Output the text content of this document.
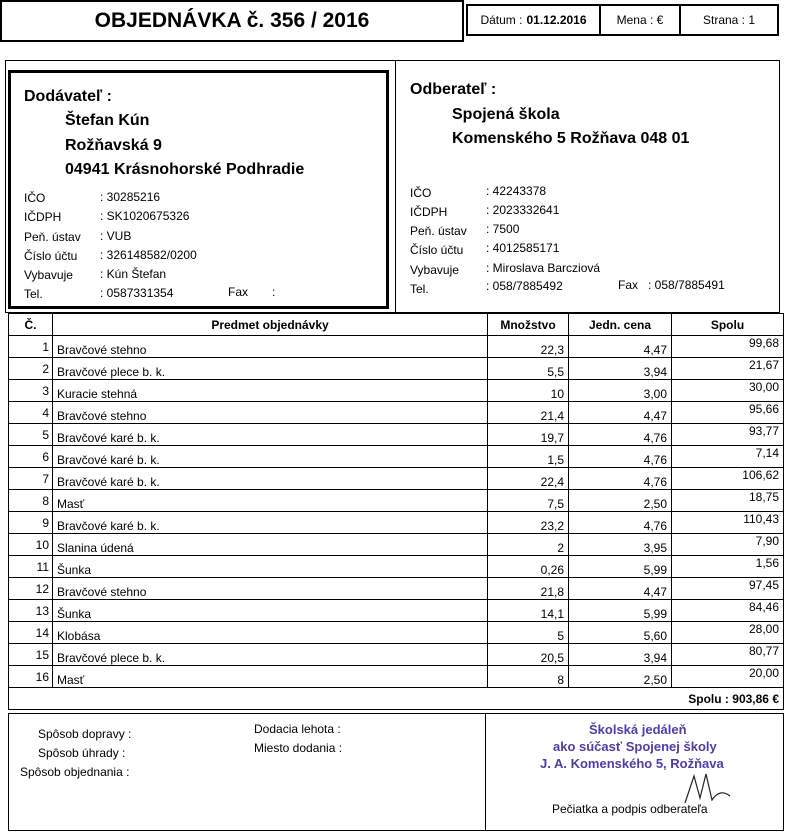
OBJEDNÁVKA č. 356 / 2016	Dátum : 01.12.2016	Mena : €	Strana : 1
Dodávateľ :
Štefan Kún
Rožňavská 9
04941 Krásnohorské Podhradie
IČO	: 30285216
IČDPH	: SK1020675326
Peň. ústav : VUB
Číslo účtu : 326148582/0200
Vybavuje : Kún Štefan
Tel.	: 0587331354	Fax :
Odberateľ :
Spojená škola
Komenského 5 Rožňava 048 01
IČO	: 42243378
IČDPH	: 2023332641
Peň. ústav : 7500
Číslo účtu : 4012585171
Vybavuje : Miroslava Barcziová
Tel.	: 058/7885492	Fax : 058/7885491
Č.	Predmet objednávky	Množstvo	Jedn. cena	Spolu
1	Bravčové stehno	22,3	4,47	99,68
2	Bravčové plece b. k.	5,5	3,94	21,67
3	Kuracie stehná	10	3,00	30,00
4	Bravčové stehno	21,4	4,47	95,66
5	Bravčové karé b. k.	19,7	4,76	93,77
6	Bravčové karé b. k.	1,5	4,76	7,14
7	Bravčové karé b. k.	22,4	4,76	106,62
8	Masť	7,5	2,50	18,75
9	Bravčové karé b. k.	23,2	4,76	110,43
10	Slanina údená	2	3,95	7,90
11	Šunka	0,26	5,99	1,56
12	Bravčové stehno	21,8	4,47	97,45
13	Šunka	14,1	5,99	84,46
14	Klobása	5	5,60	28,00
15	Bravčové plece b. k.	20,5	3,94	80,77
16	Masť	8	2,50	20,00
Spolu : 903,86 €				
Spôsob dopravy :
Spôsob úhrady :
Spôsob objednania :
Dodacia lehota :
Miesto dodania :
Školská jedáleň
ako súčasť Spojenej školy
J. A. Komenského 5, Rožňava
Pečiatka a podpis odberateľa
